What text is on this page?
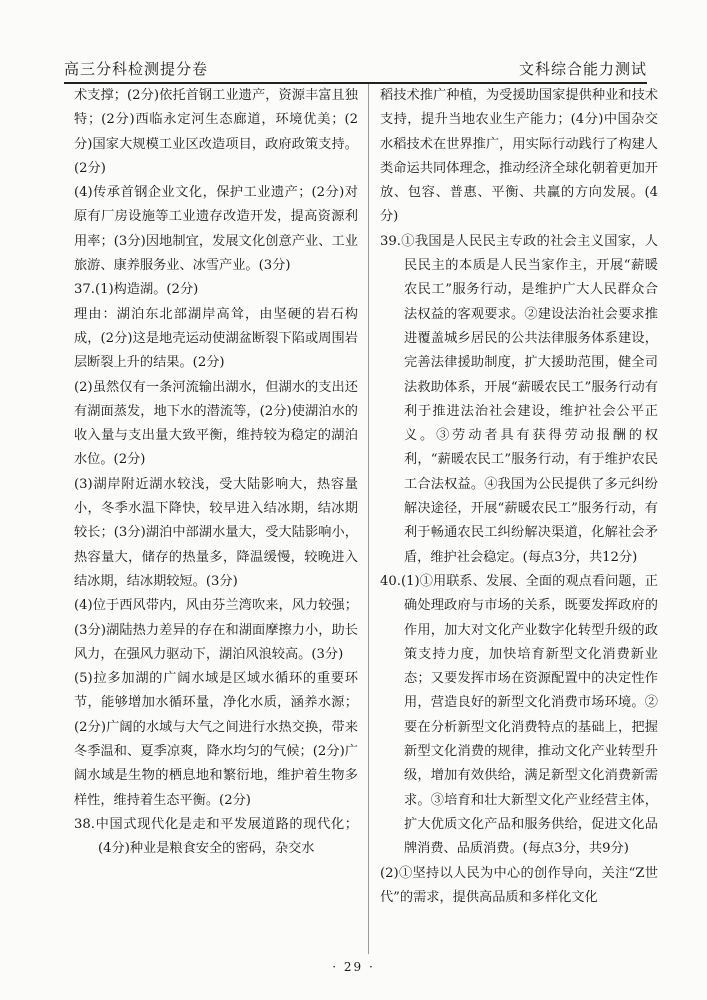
高三分科检测提分卷	文科综合能力测试

术支撑；(2分)依托首钢工业遗产，资源丰富且独特；(2分)西临永定河生态廊道，环境优美；(2分)国家大规模工业区改造项目，政府政策支持。(2分)

(4)传承首钢企业文化，保护工业遗产；(2分)对原有厂房设施等工业遗存改造开发，提高资源利用率；(3分)因地制宜，发展文化创意产业、工业旅游、康养服务业、冰雪产业。(3分)

37.(1)构造湖。(2分)

理由：湖泊东北部湖岸高耸，由坚硬的岩石构成，(2分)这是地壳运动使湖盆断裂下陷或周围岩层断裂上升的结果。(2分)

(2)虽然仅有一条河流输出湖水，但湖水的支出还有湖面蒸发，地下水的潜流等，(2分)使湖泊水的收入量与支出量大致平衡，维持较为稳定的湖泊水位。(2分)

(3)湖岸附近湖水较浅，受大陆影响大，热容量小，冬季水温下降快，较早进入结冰期，结冰期较长；(3分)湖泊中部湖水量大，受大陆影响小，热容量大，储存的热量多，降温缓慢，较晚进入结冰期，结冰期较短。(3分)

(4)位于西风带内，风由芬兰湾吹来，风力较强；(3分)湖陆热力差异的存在和湖面摩擦力小，助长风力，在强风力驱动下，湖泊风浪较高。(3分)

(5)拉多加湖的广阔水域是区域水循环的重要环节，能够增加水循环量，净化水质，涵养水源；(2分)广阔的水域与大气之间进行水热交换，带来冬季温和、夏季凉爽，降水均匀的气候；(2分)广阔水域是生物的栖息地和繁衍地，维护着生物多样性，维持着生态平衡。(2分)

38.中国式现代化是走和平发展道路的现代化；(4分)种业是粮食安全的密码，杂交水

稻技术推广种植，为受援助国家提供种业和技术支持，提升当地农业生产能力；(4分)中国杂交水稻技术在世界推广，用实际行动践行了构建人类命运共同体理念，推动经济全球化朝着更加开放、包容、普惠、平衡、共赢的方向发展。(4分)

39.①我国是人民民主专政的社会主义国家，人民民主的本质是人民当家作主，开展“薪暖农民工”服务行动，是维护广大人民群众合法权益的客观要求。②建设法治社会要求推进覆盖城乡居民的公共法律服务体系建设，完善法律援助制度，扩大援助范围，健全司法救助体系，开展“薪暖农民工”服务行动有利于推进法治社会建设，维护社会公平正义。③劳动者具有获得劳动报酬的权利，“薪暖农民工”服务行动，有于维护农民工合法权益。④我国为公民提供了多元纠纷解决途径，开展“薪暖农民工”服务行动，有利于畅通农民工纠纷解决渠道，化解社会矛盾，维护社会稳定。(每点3分，共12分)

40.(1)①用联系、发展、全面的观点看问题，正确处理政府与市场的关系，既要发挥政府的作用，加大对文化产业数字化转型升级的政策支持力度，加快培育新型文化消费新业态；又要发挥市场在资源配置中的决定性作用，营造良好的新型文化消费市场环境。②要在分析新型文化消费特点的基础上，把握新型文化消费的规律，推动文化产业转型升级，增加有效供给，满足新型文化消费新需求。③培育和壮大新型文化产业经营主体，扩大优质文化产品和服务供给，促进文化品牌消费、品质消费。(每点3分，共9分)

(2)①坚持以人民为中心的创作导向，关注“Z世代”的需求，提供高品质和多样化文化

· 29 ·
